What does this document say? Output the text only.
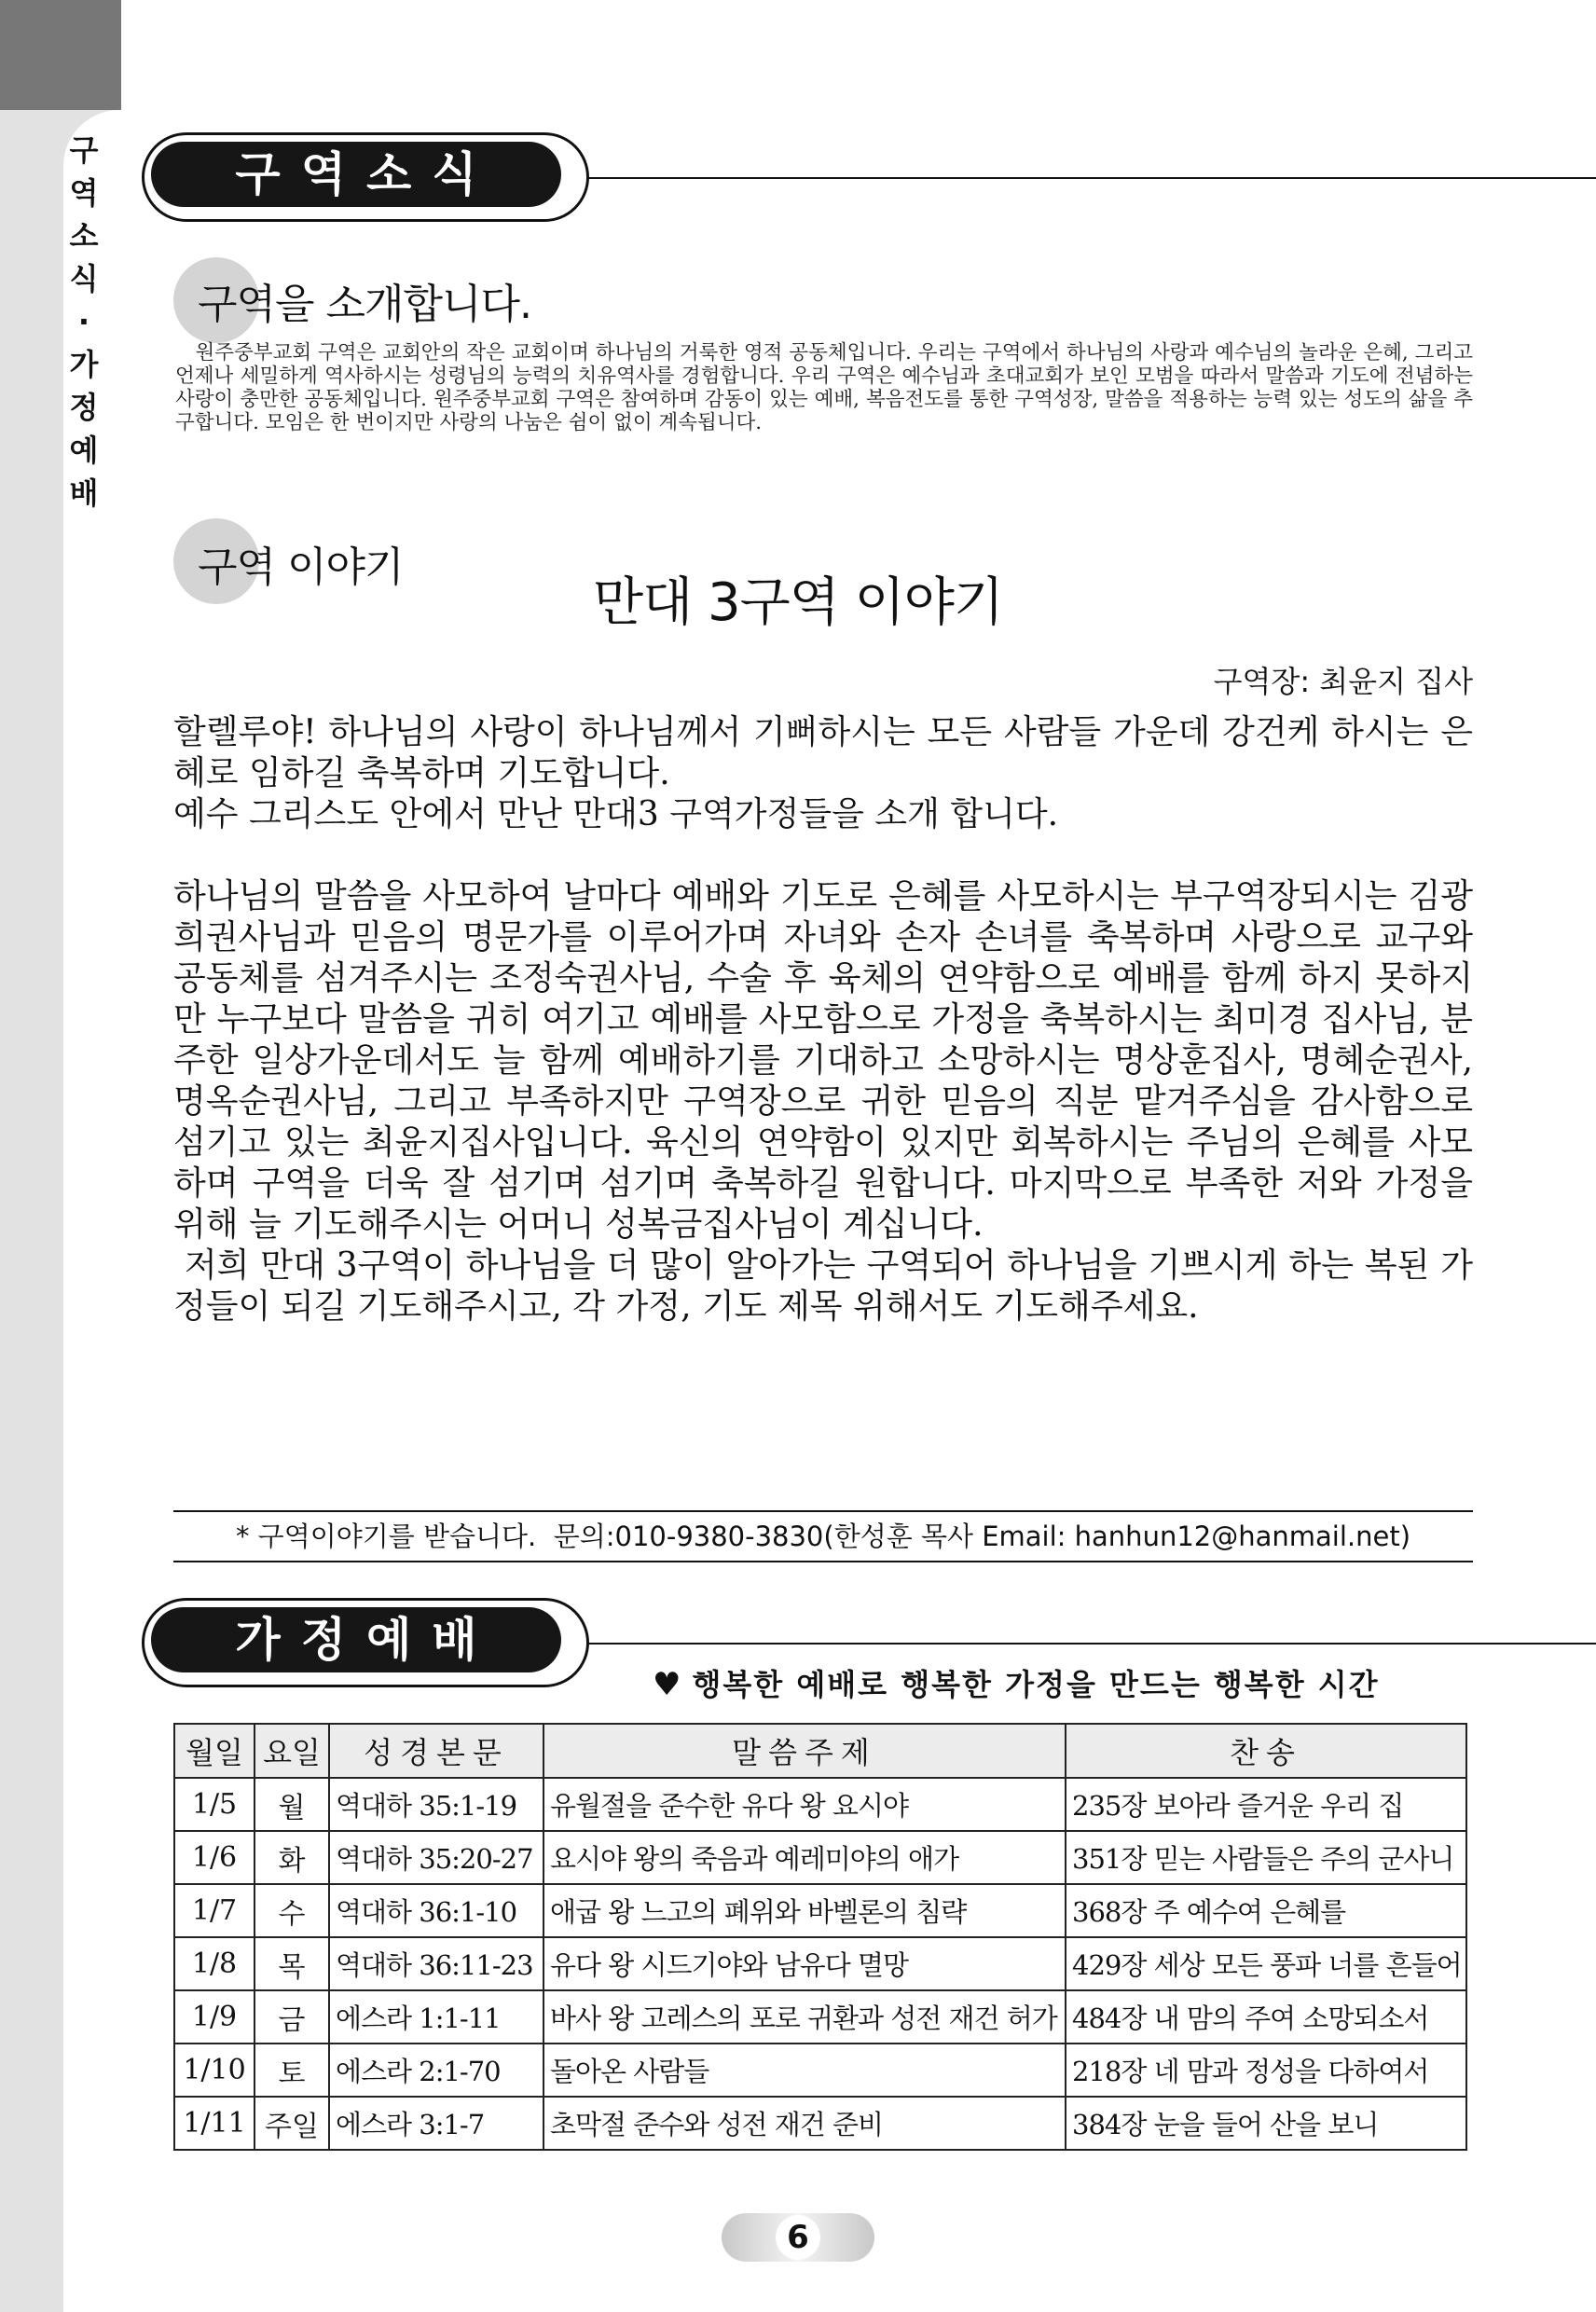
구
역
소
식
·
가
정
예
배
구역소식
구역을 소개합니다.

원주중부교회 구역은 교회안의 작은 교회이며 하나님의 거룩한 영적 공동체입니다. 우리는 구역에서 하나님의 사랑과 예수님의 놀라운 은혜, 그리고 언제나 세밀하게 역사하시는 성령님의 능력의 치유역사를 경험합니다. 우리 구역은 예수님과 초대교회가 보인 모범을 따라서 말씀과 기도에 전념하는 사랑이 충만한 공동체입니다. 원주중부교회 구역은 참여하며 감동이 있는 예배, 복음전도를 통한 구역성장, 말씀을 적용하는 능력 있는 성도의 삶을 추구합니다. 모임은 한 번이지만 사랑의 나눔은 쉼이 없이 계속됩니다.

구역 이야기
만대 3구역 이야기
구역장: 최윤지 집사

할렐루야! 하나님의 사랑이 하나님께서 기뻐하시는 모든 사람들 가운데 강건케 하시는 은혜로 임하길 축복하며 기도합니다.

예수 그리스도 안에서 만난 만대3 구역가정들을 소개 합니다.

하나님의 말씀을 사모하여 날마다 예배와 기도로 은혜를 사모하시는 부구역장되시는 김광희권사님과 믿음의 명문가를 이루어가며 자녀와 손자 손녀를 축복하며 사랑으로 교구와 공동체를 섬겨주시는 조정숙권사님, 수술 후 육체의 연약함으로 예배를 함께 하지 못하지만 누구보다 말씀을 귀히 여기고 예배를 사모함으로 가정을 축복하시는 최미경 집사님, 분주한 일상가운데서도 늘 함께 예배하기를 기대하고 소망하시는 명상훈집사, 명혜순권사, 명옥순권사님, 그리고 부족하지만 구역장으로 귀한 믿음의 직분 맡겨주심을 감사함으로 섬기고 있는 최윤지집사입니다. 육신의 연약함이 있지만 회복하시는 주님의 은혜를 사모하며 구역을 더욱 잘 섬기며 섬기며 축복하길 원합니다. 마지막으로 부족한 저와 가정을 위해 늘 기도해주시는 어머니 성복금집사님이 계십니다.

저희 만대 3구역이 하나님을 더 많이 알아가는 구역되어 하나님을 기쁘시게 하는 복된 가정들이 되길 기도해주시고, 각 가정, 기도 제목 위해서도 기도해주세요.

* 구역이야기를 받습니다.  문의:010-9380-3830(한성훈 목사 Email: hanhun12@hanmail.net)
가정예배
♥ 행복한 예배로 행복한 가정을 만드는 행복한 시간
월일	요일	성경본문	말씀주제	찬송
1/5	월	역대하 35:1-19	유월절을 준수한 유다 왕 요시야	235장 보아라 즐거운 우리 집
1/6	화	역대하 35:20-27	요시야 왕의 죽음과 예레미야의 애가	351장 믿는 사람들은 주의 군사니
1/7	수	역대하 36:1-10	애굽 왕 느고의 폐위와 바벨론의 침략	368장 주 예수여 은혜를
1/8	목	역대하 36:11-23	유다 왕 시드기야와 남유다 멸망	429장 세상 모든 풍파 너를 흔들어
1/9	금	에스라 1:1-11	바사 왕 고레스의 포로 귀환과 성전 재건 허가	484장 내 맘의 주여 소망되소서
1/10	토	에스라 2:1-70	돌아온 사람들	218장 네 맘과 정성을 다하여서
1/11	주일	에스라 3:1-7	초막절 준수와 성전 재건 준비	384장 눈을 들어 산을 보니
6
